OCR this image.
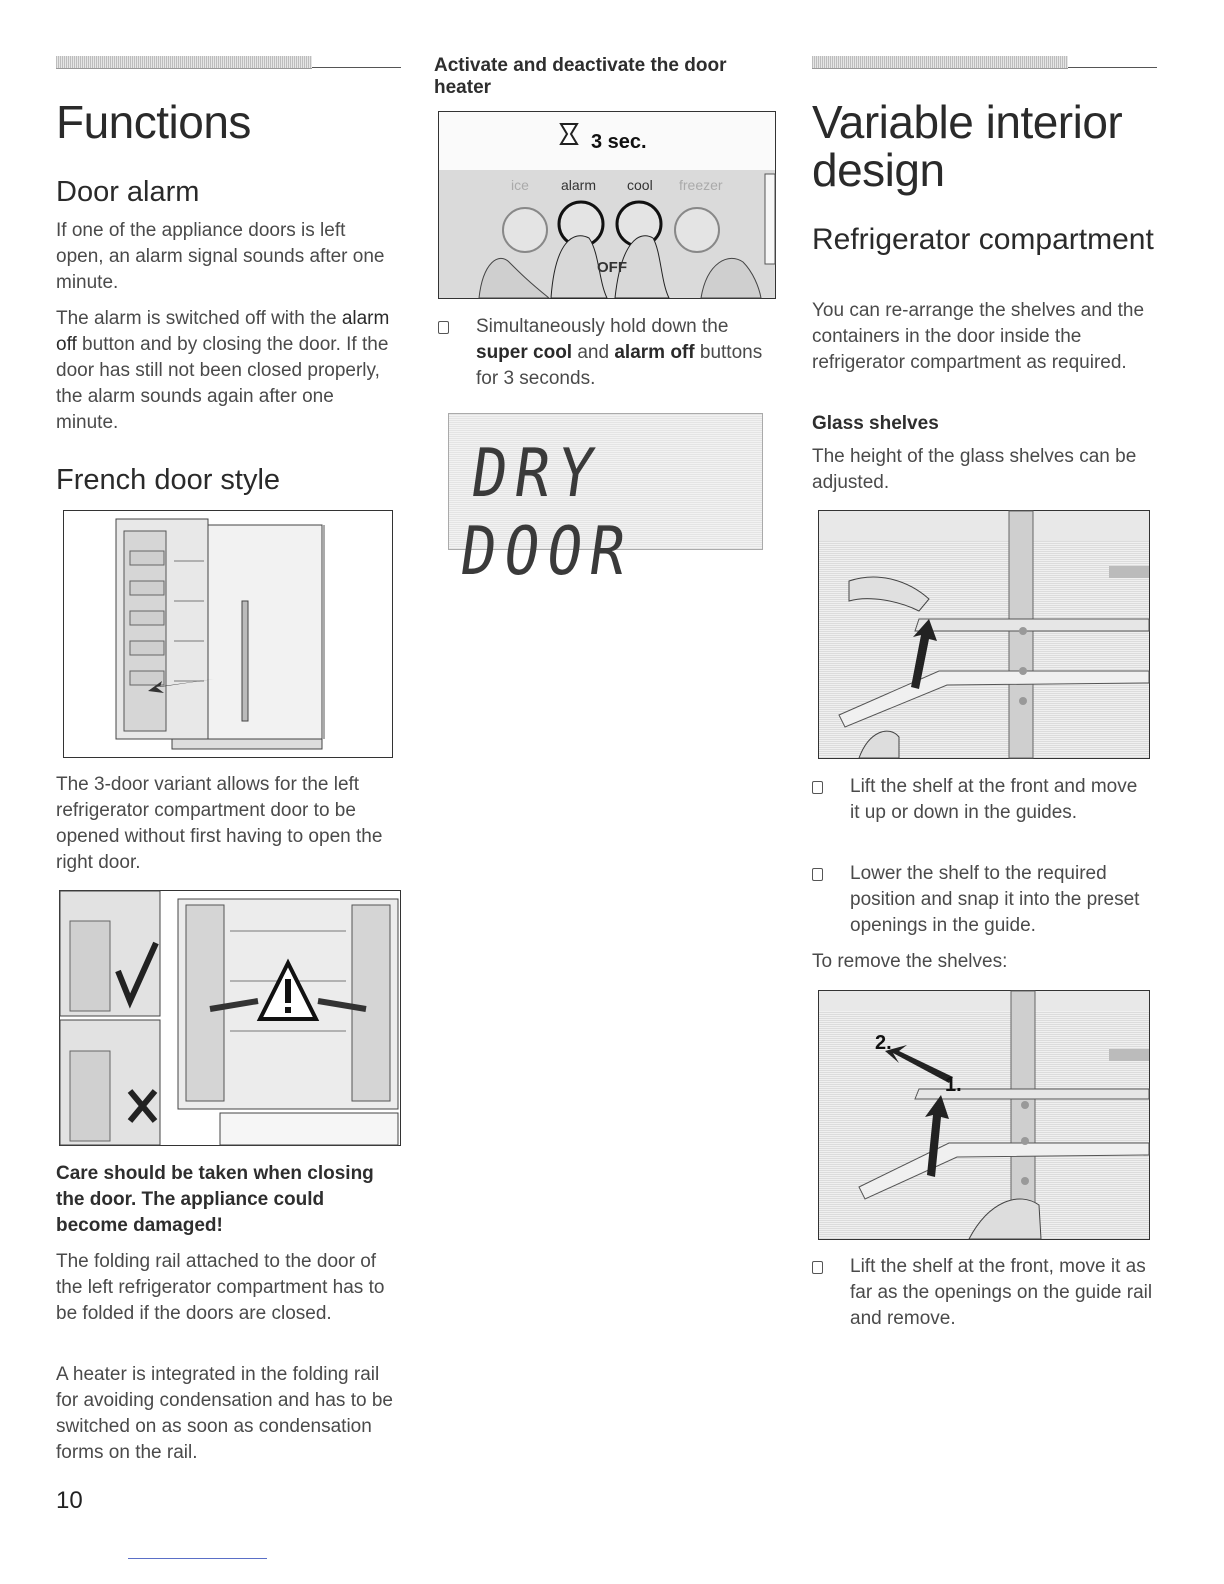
Functions
Door alarm

If one of the appliance doors is left open, an alarm signal sounds after one minute.

The alarm is switched off with the alarm off button and by closing the door. If the door has still not been closed properly, the alarm sounds again after one minute.

French door style

The 3-door variant allows for the left refrigerator compartment door to be opened without first having to open the right door.

Care should be taken when closing the door. The appliance could become damaged!

The folding rail attached to the door of the left refrigerator compartment has to be folded if the doors are closed.

A heater is integrated in the folding rail for avoiding condensation and has to be switched on as soon as condensation forms on the rail.

Activate and deactivate the door heater
3 sec.
ice alarm cool freezer
OFF
Simultaneously hold down the super cool and alarm off buttons for 3 seconds.
DRY DOOR
Variable interior design
Refrigerator compartment

You can re-arrange the shelves and the containers in the door inside the refrigerator compartment as required.

Glass shelves

The height of the glass shelves can be adjusted.

Lift the shelf at the front and move it up or down in the guides.
Lower the shelf to the required position and snap it into the preset openings in the guide.

To remove the shelves:

2.
1.
Lift the shelf at the front, move it as far as the openings on the guide rail and remove.
10
